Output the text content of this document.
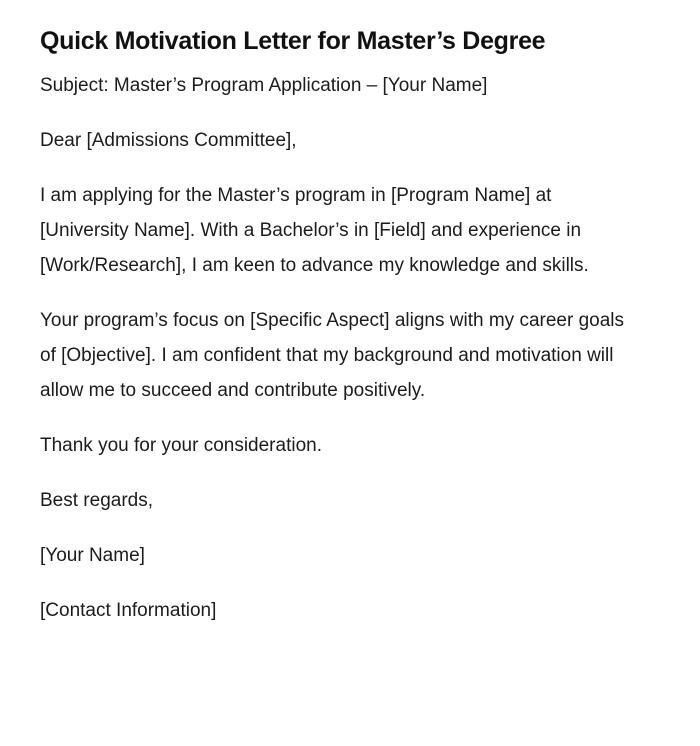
Quick Motivation Letter for Master’s Degree

Subject: Master’s Program Application – [Your Name]

Dear [Admissions Committee],

I am applying for the Master’s program in [Program Name] at [University Name]. With a Bachelor’s in [Field] and experience in [Work/Research], I am keen to advance my knowledge and skills.

Your program’s focus on [Specific Aspect] aligns with my career goals of [Objective]. I am confident that my background and motivation will allow me to succeed and contribute positively.

Thank you for your consideration.

Best regards,

[Your Name]

[Contact Information]
